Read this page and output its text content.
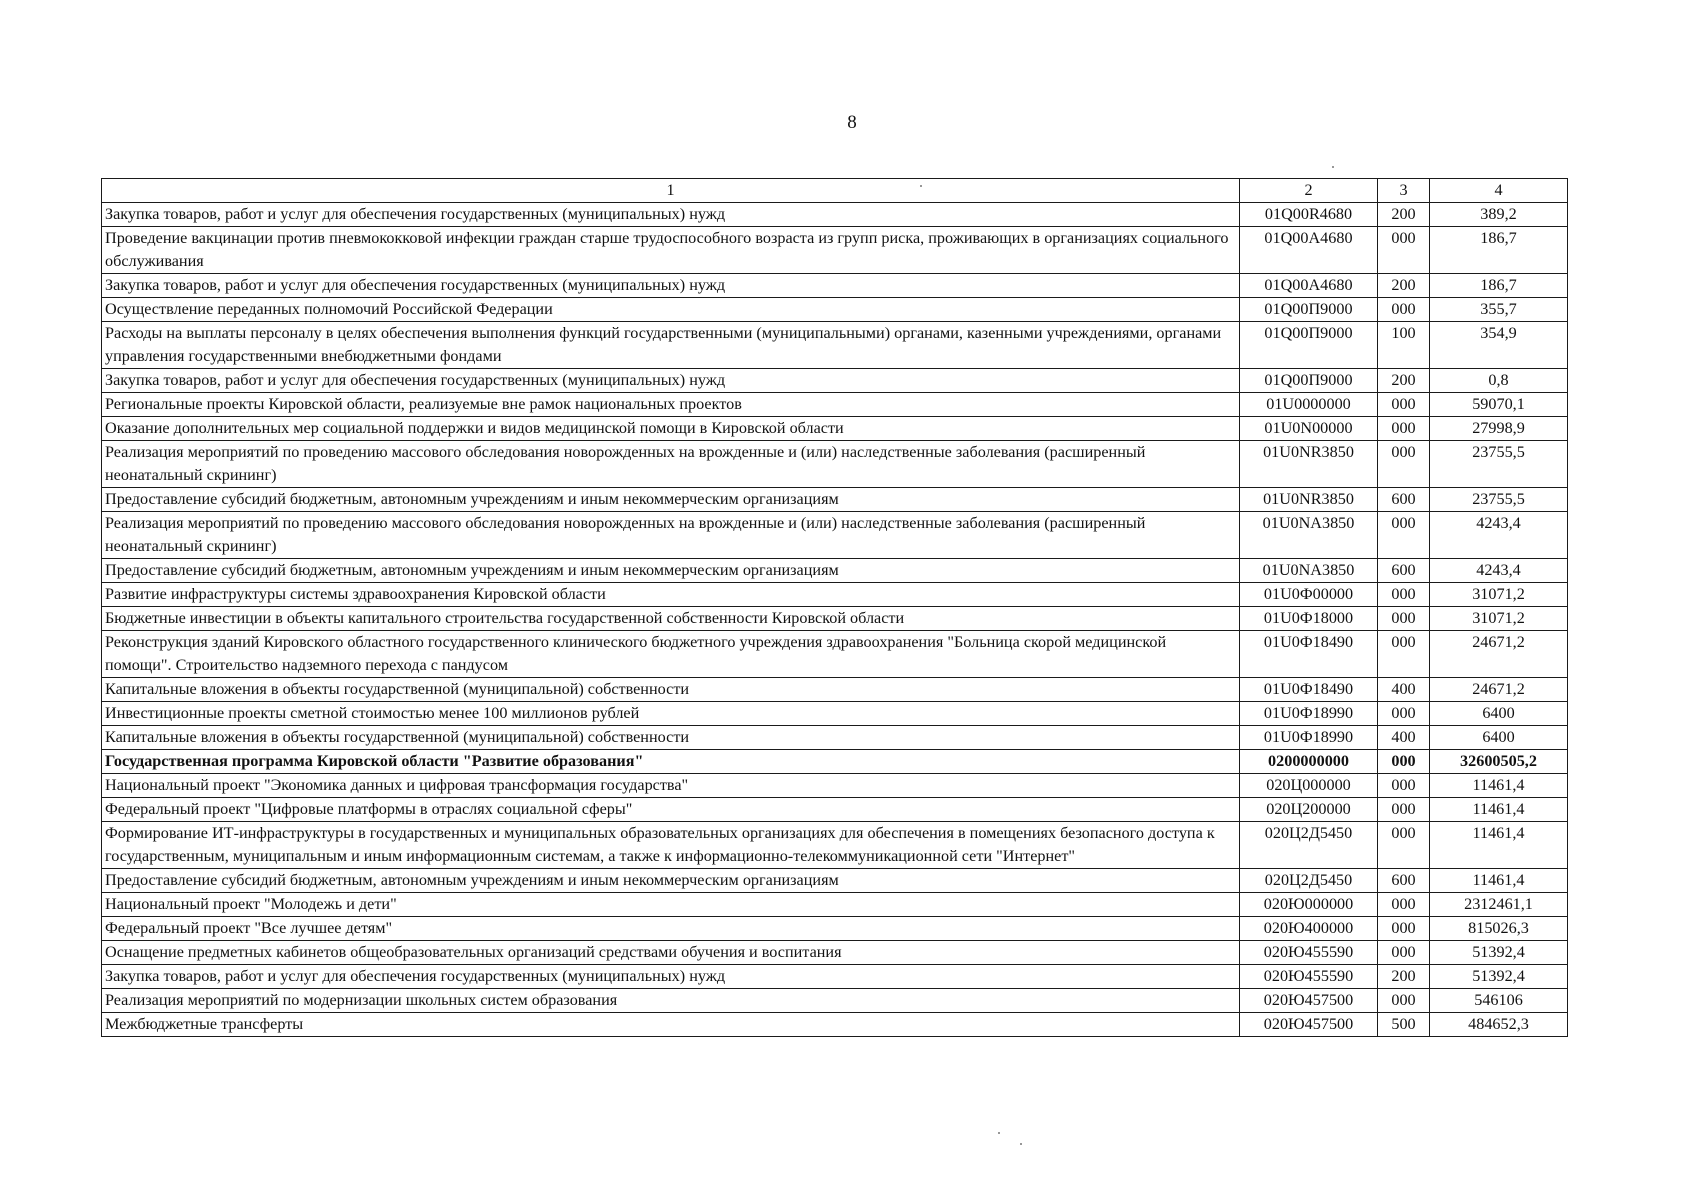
8
1	2	3	4
Закупка товаров, работ и услуг для обеспечения государственных (муниципальных) нужд	01Q00R4680	200	389,2
Проведение вакцинации против пневмококковой инфекции граждан старше трудоспособного возраста из групп риска, проживающих в организациях социального обслуживания	01Q00A4680	000	186,7
Закупка товаров, работ и услуг для обеспечения государственных (муниципальных) нужд	01Q00A4680	200	186,7
Осуществление переданных полномочий Российской Федерации	01Q00П9000	000	355,7
Расходы на выплаты персоналу в целях обеспечения выполнения функций государственными (муниципальными) органами, казенными учреждениями, органами управления государственными внебюджетными фондами	01Q00П9000	100	354,9
Закупка товаров, работ и услуг для обеспечения государственных (муниципальных) нужд	01Q00П9000	200	0,8
Региональные проекты Кировской области, реализуемые вне рамок национальных проектов	01U0000000	000	59070,1
Оказание дополнительных мер социальной поддержки и видов медицинской помощи в Кировской области	01U0N00000	000	27998,9
Реализация мероприятий по проведению массового обследования новорожденных на врожденные и (или) наследственные заболевания (расширенный неонатальный скрининг)	01U0NR3850	000	23755,5
Предоставление субсидий бюджетным, автономным учреждениям и иным некоммерческим организациям	01U0NR3850	600	23755,5
Реализация мероприятий по проведению массового обследования новорожденных на врожденные и (или) наследственные заболевания (расширенный неонатальный скрининг)	01U0NA3850	000	4243,4
Предоставление субсидий бюджетным, автономным учреждениям и иным некоммерческим организациям	01U0NA3850	600	4243,4
Развитие инфраструктуры системы здравоохранения Кировской области	01U0Ф00000	000	31071,2
Бюджетные инвестиции в объекты капитального строительства государственной собственности Кировской области	01U0Ф18000	000	31071,2
Реконструкция зданий Кировского областного государственного клинического бюджетного учреждения здравоохранения "Больница скорой медицинской помощи". Строительство надземного перехода с пандусом	01U0Ф18490	000	24671,2
Капитальные вложения в объекты государственной (муниципальной) собственности	01U0Ф18490	400	24671,2
Инвестиционные проекты сметной стоимостью менее 100 миллионов рублей	01U0Ф18990	000	6400
Капитальные вложения в объекты государственной (муниципальной) собственности	01U0Ф18990	400	6400
Государственная программа Кировской области "Развитие образования"	0200000000	000	32600505,2
Национальный проект "Экономика данных и цифровая трансформация государства"	020Ц000000	000	11461,4
Федеральный проект "Цифровые платформы в отраслях социальной сферы"	020Ц200000	000	11461,4
Формирование ИТ-инфраструктуры в государственных и муниципальных образовательных организациях для обеспечения в помещениях безопасного доступа к государственным, муниципальным и иным информационным системам, а также к информационно-телекоммуникационной сети "Интернет"	020Ц2Д5450	000	11461,4
Предоставление субсидий бюджетным, автономным учреждениям и иным некоммерческим организациям	020Ц2Д5450	600	11461,4
Национальный проект "Молодежь и дети"	020Ю000000	000	2312461,1
Федеральный проект "Все лучшее детям"	020Ю400000	000	815026,3
Оснащение предметных кабинетов общеобразовательных организаций средствами обучения и воспитания	020Ю455590	000	51392,4
Закупка товаров, работ и услуг для обеспечения государственных (муниципальных) нужд	020Ю455590	200	51392,4
Реализация мероприятий по модернизации школьных систем образования	020Ю457500	000	546106
Межбюджетные трансферты	020Ю457500	500	484652,3
